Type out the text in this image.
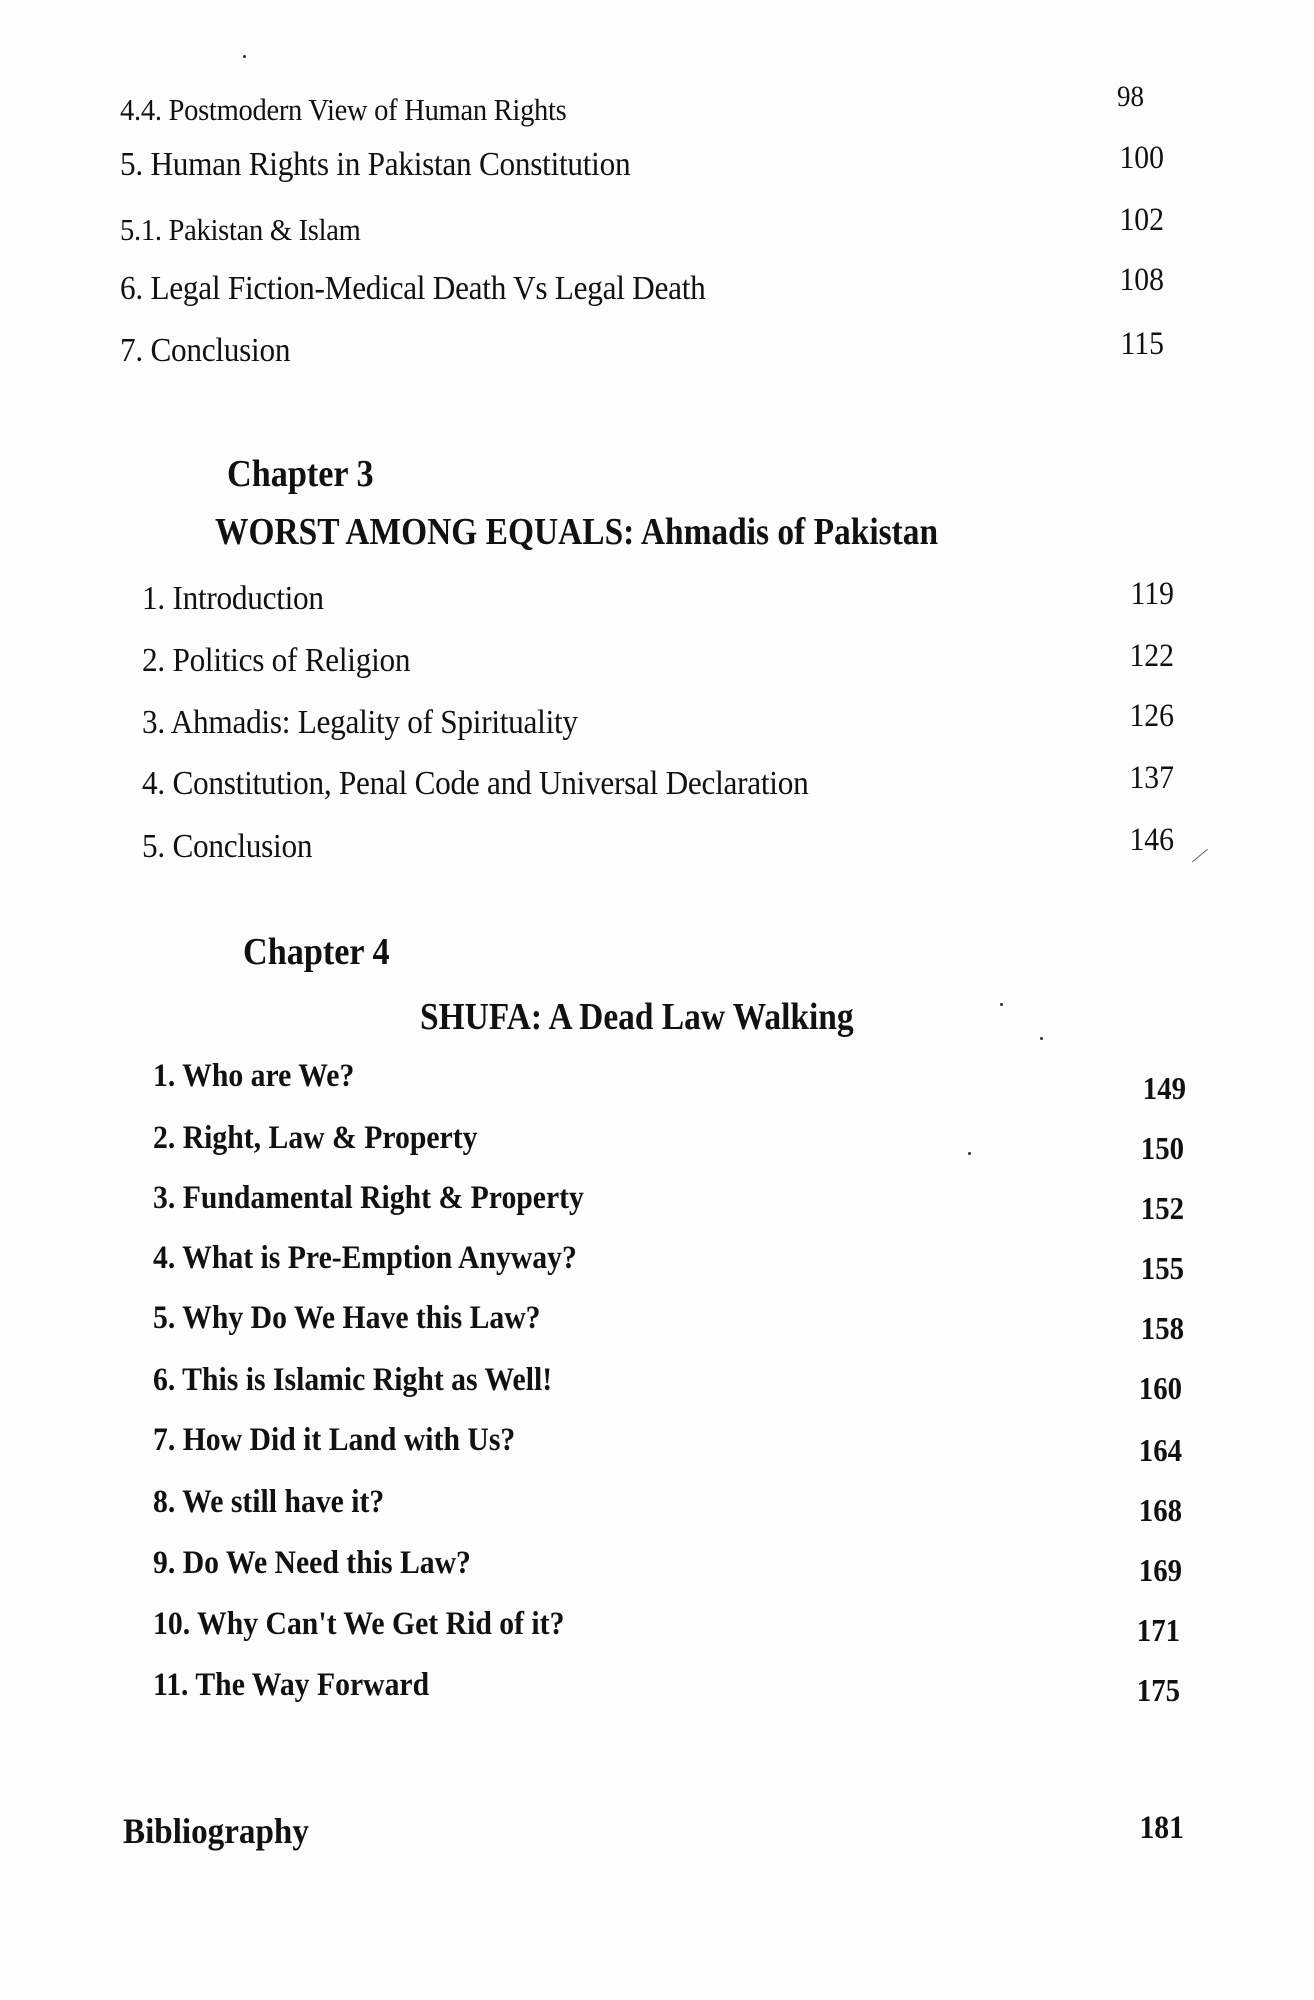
4.4. Postmodern View of Human Rights	98
5. Human Rights in Pakistan Constitution	100
5.1. Pakistan & Islam	102
6. Legal Fiction-Medical Death Vs Legal Death	108
7. Conclusion	115
Chapter 3
WORST AMONG EQUALS: Ahmadis of Pakistan
1. Introduction	119
2. Politics of Religion	122
3. Ahmadis: Legality of Spirituality	126
4. Constitution, Penal Code and Universal Declaration	137
5. Conclusion	146
Chapter 4
SHUFA: A Dead Law Walking
1. Who are We?	149
2. Right, Law & Property	150
3. Fundamental Right & Property	152
4. What is Pre-Emption Anyway?	155
5. Why Do We Have this Law?	158
6. This is Islamic Right as Well!	160
7. How Did it Land with Us?	164
8. We still have it?	168
9. Do We Need this Law?	169
10. Why Can't We Get Rid of it?	171
11. The Way Forward	175
Bibliography	181
